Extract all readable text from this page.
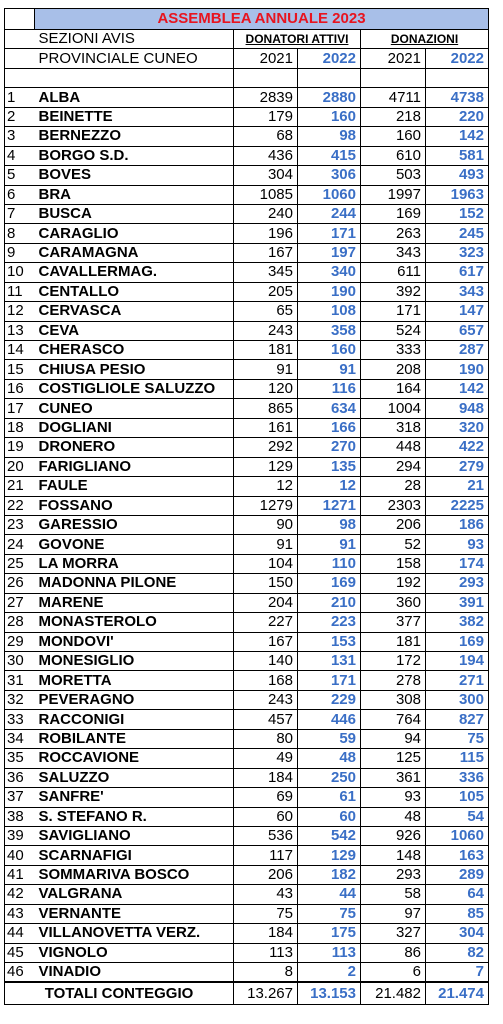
	ASSEMBLEA ANNUALE 2023				
	SEZIONI AVIS	DONATORI ATTIVI		DONAZIONI	
	PROVINCIALE CUNEO	2021	2022	2021	2022

1	ALBA	2839	2880	4711	4738
2	BEINETTE	179	160	218	220
3	BERNEZZO	68	98	160	142
4	BORGO S.D.	436	415	610	581
5	BOVES	304	306	503	493
6	BRA	1085	1060	1997	1963
7	BUSCA	240	244	169	152
8	CARAGLIO	196	171	263	245
9	CARAMAGNA	167	197	343	323
10	CAVALLERMAG.	345	340	611	617
11	CENTALLO	205	190	392	343
12	CERVASCA	65	108	171	147
13	CEVA	243	358	524	657
14	CHERASCO	181	160	333	287
15	CHIUSA PESIO	91	91	208	190
16	COSTIGLIOLE SALUZZO	120	116	164	142
17	CUNEO	865	634	1004	948
18	DOGLIANI	161	166	318	320
19	DRONERO	292	270	448	422
20	FARIGLIANO	129	135	294	279
21	FAULE	12	12	28	21
22	FOSSANO	1279	1271	2303	2225
23	GARESSIO	90	98	206	186
24	GOVONE	91	91	52	93
25	LA MORRA	104	110	158	174
26	MADONNA PILONE	150	169	192	293
27	MARENE	204	210	360	391
28	MONASTEROLO	227	223	377	382
29	MONDOVI'	167	153	181	169
30	MONESIGLIO	140	131	172	194
31	MORETTA	168	171	278	271
32	PEVERAGNO	243	229	308	300
33	RACCONIGI	457	446	764	827
34	ROBILANTE	80	59	94	75
35	ROCCAVIONE	49	48	125	115
36	SALUZZO	184	250	361	336
37	SANFRE'	69	61	93	105
38	S. STEFANO R.	60	60	48	54
39	SAVIGLIANO	536	542	926	1060
40	SCARNAFIGI	117	129	148	163
41	SOMMARIVA BOSCO	206	182	293	289
42	VALGRANA	43	44	58	64
43	VERNANTE	75	75	97	85
44	VILLANOVETTA VERZ.	184	175	327	304
45	VIGNOLO	113	113	86	82
46	VINADIO	8	2	6	7
TOTALI CONTEGGIO		13.267	13.153	21.482	21.474
